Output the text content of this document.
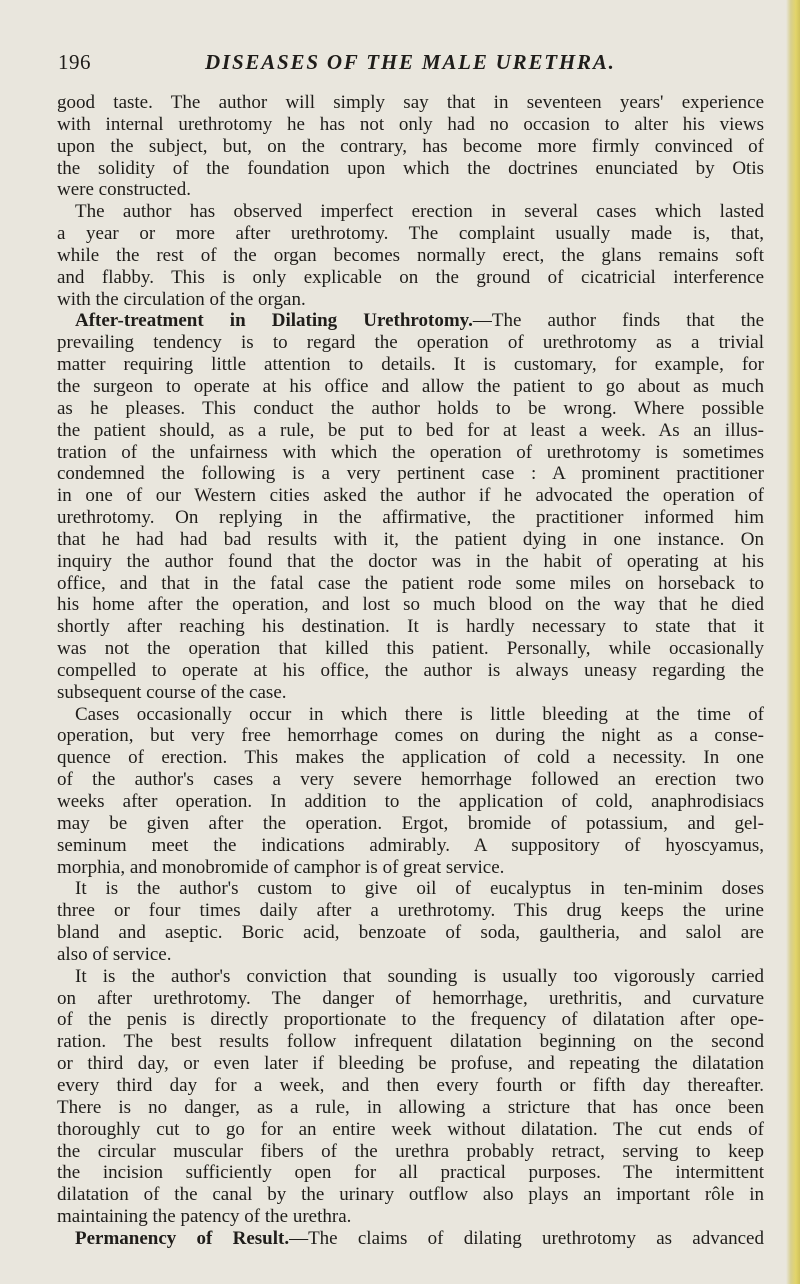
196	DISEASES OF THE MALE URETHRA.
good taste. The author will simply say that in seventeen years' experience
with internal urethrotomy he has not only had no occasion to alter his views
upon the subject, but, on the contrary, has become more firmly convinced of
the solidity of the foundation upon which the doctrines enunciated by Otis
were constructed.
The author has observed imperfect erection in several cases which lasted
a year or more after urethrotomy. The complaint usually made is, that,
while the rest of the organ becomes normally erect, the glans remains soft
and flabby. This is only explicable on the ground of cicatricial interference
with the circulation of the organ.
After-treatment in Dilating Urethrotomy.—The author finds that the
prevailing tendency is to regard the operation of urethrotomy as a trivial
matter requiring little attention to details. It is customary, for example, for
the surgeon to operate at his office and allow the patient to go about as much
as he pleases. This conduct the author holds to be wrong. Where possible
the patient should, as a rule, be put to bed for at least a week. As an illus-
tration of the unfairness with which the operation of urethrotomy is sometimes
condemned the following is a very pertinent case : A prominent practitioner
in one of our Western cities asked the author if he advocated the operation of
urethrotomy. On replying in the affirmative, the practitioner informed him
that he had had bad results with it, the patient dying in one instance. On
inquiry the author found that the doctor was in the habit of operating at his
office, and that in the fatal case the patient rode some miles on horseback to
his home after the operation, and lost so much blood on the way that he died
shortly after reaching his destination. It is hardly necessary to state that it
was not the operation that killed this patient. Personally, while occasionally
compelled to operate at his office, the author is always uneasy regarding the
subsequent course of the case.
Cases occasionally occur in which there is little bleeding at the time of
operation, but very free hemorrhage comes on during the night as a conse-
quence of erection. This makes the application of cold a necessity. In one
of the author's cases a very severe hemorrhage followed an erection two
weeks after operation. In addition to the application of cold, anaphrodisiacs
may be given after the operation. Ergot, bromide of potassium, and gel-
seminum meet the indications admirably. A suppository of hyoscyamus,
morphia, and monobromide of camphor is of great service.
It is the author's custom to give oil of eucalyptus in ten-minim doses
three or four times daily after a urethrotomy. This drug keeps the urine
bland and aseptic. Boric acid, benzoate of soda, gaultheria, and salol are
also of service.
It is the author's conviction that sounding is usually too vigorously carried
on after urethrotomy. The danger of hemorrhage, urethritis, and curvature
of the penis is directly proportionate to the frequency of dilatation after ope-
ration. The best results follow infrequent dilatation beginning on the second
or third day, or even later if bleeding be profuse, and repeating the dilatation
every third day for a week, and then every fourth or fifth day thereafter.
There is no danger, as a rule, in allowing a stricture that has once been
thoroughly cut to go for an entire week without dilatation. The cut ends of
the circular muscular fibers of the urethra probably retract, serving to keep
the incision sufficiently open for all practical purposes. The intermittent
dilatation of the canal by the urinary outflow also plays an important rôle in
maintaining the patency of the urethra.
Permanency of Result.—The claims of dilating urethrotomy as advanced
